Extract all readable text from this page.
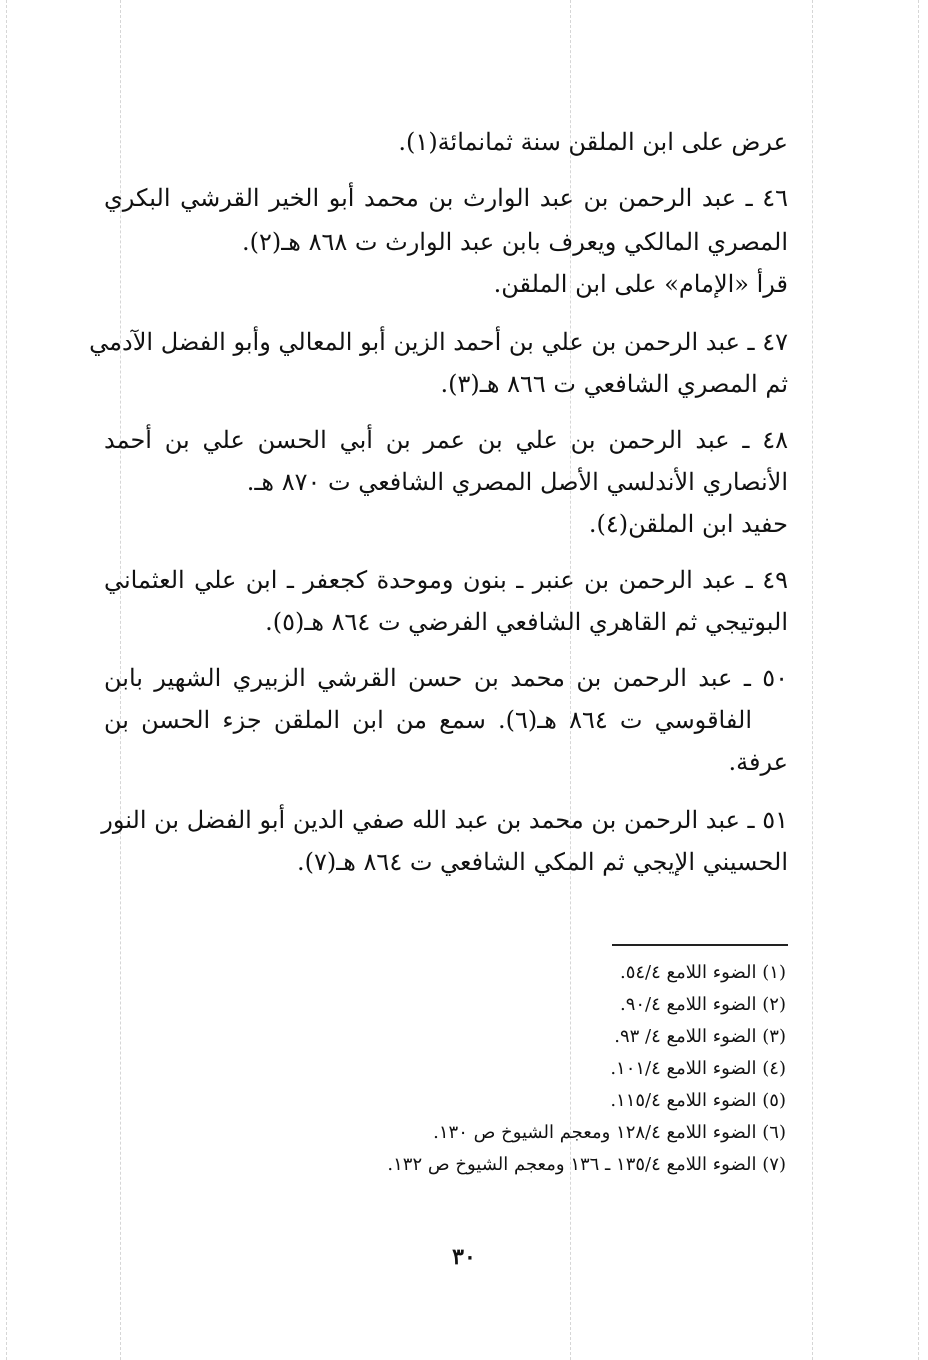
عرض على ابن الملقن سنة ثمانمائة(١).
٤٦ ـ عبد الرحمن بن عبد الوارث بن محمد أبو الخير القرشي البكري
المصري المالكي ويعرف بابن عبد الوارث ت ٨٦٨ هـ(٢).
قرأ «الإمام» على ابن الملقن.
٤٧ ـ عبد الرحمن بن علي بن أحمد الزين أبو المعالي وأبو الفضل الآدمي
ثم المصري الشافعي ت ٨٦٦ هـ(٣).
٤٨ ـ عبد الرحمن بن علي بن عمر بن أبي الحسن علي بن أحمد
الأنصاري الأندلسي الأصل المصري الشافعي ت ٨٧٠ هـ.
حفيد ابن الملقن(٤).
٤٩ ـ عبد الرحمن بن عنبر ـ بنون وموحدة كجعفر ـ ابن علي العثماني
البوتيجي ثم القاهري الشافعي الفرضي ت ٨٦٤ هـ(٥).
٥٠ ـ عبد الرحمن بن محمد بن حسن القرشي الزبيري الشهير بابن
الفاقوسي ت ٨٦٤ هـ(٦). سمع من ابن الملقن جزء الحسن بن
عرفة.
٥١ ـ عبد الرحمن بن محمد بن عبد الله صفي الدين أبو الفضل بن النور
الحسيني الإيجي ثم المكي الشافعي ت ٨٦٤ هـ(٧).
(١) الضوء اللامع ٥٤/٤.
(٢) الضوء اللامع ٩٠/٤.
(٣) الضوء اللامع ٤/ ٩٣.
(٤) الضوء اللامع ١٠١/٤.
(٥) الضوء اللامع ١١٥/٤.
(٦) الضوء اللامع ١٢٨/٤ ومعجم الشيوخ ص ١٣٠.
(٧) الضوء اللامع ١٣٥/٤ ـ ١٣٦ ومعجم الشيوخ ص ١٣٢.
٣٠
